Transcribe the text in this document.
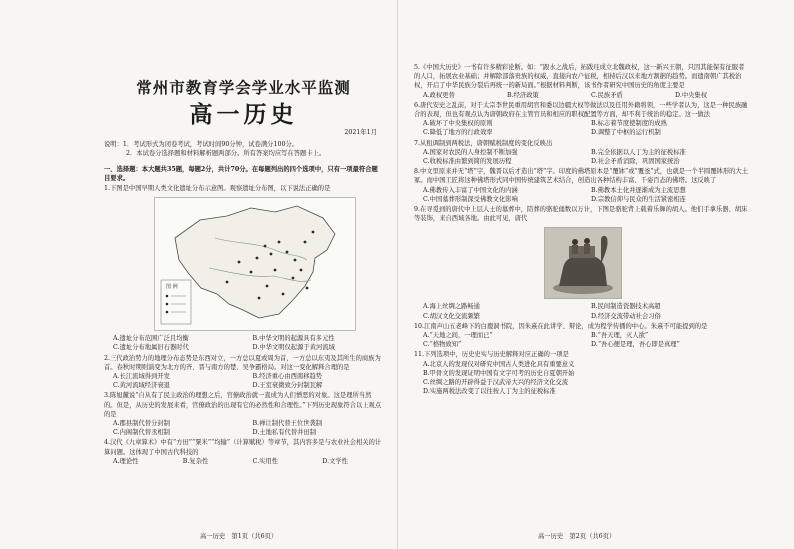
常州市教育学会学业水平监测
高一历史
2021年1月
说明：1．考试形式为闭卷考试，考试时间90分钟，试卷满分100分。
2．本试卷分选择题和材料解析题两部分。所有答案均应写在答题卡上。
一、选择题：本大题共35题，每题2分，共计70分。在每题列出的四个选项中，只有一项最符合题目要求。
1.下图是中国早期人类文化遗址分布示意图。观察遗址分布图，以下说法正确的是
图 例
A.遗址分布范围广泛且均衡	B.中华文明的起源具有多元性
C.遗址分布地属旧石器时代	D.中华文明仅起源于黄河流域
2.三代政治势力的地理分布态势是东西对立，一方总以夏或周为首，一方总以东夷及其所生的商族为首。春秋时期则演变为北方的齐、晋与南方的楚、吴争霸格局。对这一变化解释合理的是
A.长江流域得到开发	B.经济重心由西南移趋势
C.黄河流域经济衰退	D.王室衰微致分封制瓦解
3.陈旭麓说“自从有了民主政治的理想之后，官僚政治就一直成为人们憎恶的对象。这是理所当然的。但是，从历史的发展来看，官僚政治的出现有它的必然性和合理性。”下列历史现象符合以上观点的是
A.郡县制代替分封制	B.禅让制代替王位世袭制
C.内阁制代替丞相制	D.土地私有代替井田制
4.汉代《九章算术》中有“方田”“粟米”“均输”（计算赋税）等章节，其内容多是与农业社会相关的计算问题。这体现了中国古代科技的
A.理论性	B.复杂性	C.实用性	D.文学性
高一历史　第1页（共6页）
5.《中国大历史》一书有许多精彩论断。如：“跟水之战后，拓跋珪成立北魏政权，这一新兴王朝，只因其能保有征服者的人口，拓展农业基础；并解除部落贵族的权威，直接向农户征税，相持后汉以来地方割据的趋势。而遗南朝广其税治权，开启了中华民族分裂后再统一的新局面。”根据材料判断，该书作者研究中国历史的角度主要是
A.政权更替	B.经济政策	C.民族矛盾	D.中央集权
6.唐代安史之乱前，对于太宗李世民重用胡官和委以边疆大权等做法以及任用外籍将领，一些学者认为，这是一种民族融合的表现，但也有观点认为唐朝政府在主管官员和相应的职权配置等方面，却不利于统治的稳定。这一做法
A.破坏了中央集权的原则	B.标志着节度使制度的成熟
C.降低了地方的行政效率	D.调整了中枢的运行机制
7.从租调制到两税法，唐朝赋税制度的变化反映出
A.国家对农民的人身控制不断加强	B.完全依据以人丁为主的征税标准
C.收税标准由繁到简的发展历程	D.社会矛盾消除，巩固国家统治
8.中文里原来并无“塔”字，魏晋以后才造出“塔”字。印度的佛塔原本是“覆钵”或“覆釜”式，也就是一个半圆覆钵形的大土冢。而中国工匠将这种佛塔形式同中国传统建筑艺术结合，创造出各种结构丰富、千姿百态的佛塔。这反映了
A.佛教传入丰富了中国文化的内涵	B.佛教本土化并逐渐成为主流思想
C.中国墓葬形制深受佛教文化影响	D.宗教信仰与民众的生活紧密相连
9.在寻觅到的唐代中上层人士的墓葬中，陪葬的骆驼俑数以万计，下图是骆驼背上载着乐舞的胡人。他们手拿乐器、胡床等装饰，来自西域各地。由此可见，唐代
A.海上丝绸之路畅通	B.民间制造瓷器技术高超
C.胡汉文化交流频繁	D.经济交流带动社会习俗
10.江南声山五老峰下的白鹿洞书院，因朱熹在此讲学、辩论，成为程学传播的中心。朱熹不可能提到的是
A.“天地之间，一理而已”	B.“吾天理，灭人欲”
C.“格物致知”	D.“吾心便是理，吾心即是真理”
11.下列选项中，历史史实与历史解释对应正确的一项是
A.北京人的发现仅对研究中国古人类进化具有重要意义
B.甲骨文的发现证明中国有文字可考的历史自夏朝开始
C.丝绸之路的开辟得益于汉武帝大兴的经济文化交流
D.实施两税法改变了以往按人丁为主的征税标准
高一历史　第2页（共6页）
